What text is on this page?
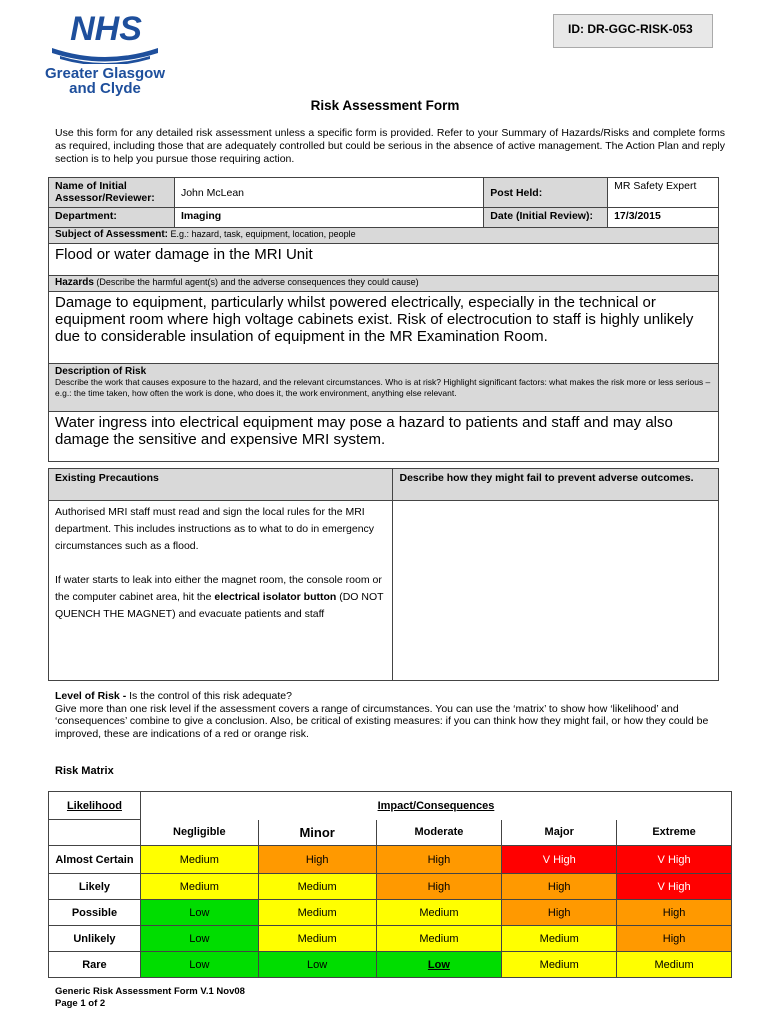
NHS
Greater Glasgow
and Clyde
ID: DR-GGC-RISK-053
Risk Assessment Form
Use this form for any detailed risk assessment unless a specific form is provided. Refer to your Summary of Hazards/Risks and complete forms as required, including those that are adequately controlled but could be serious in the absence of active management. The Action Plan and reply section is to help you pursue those requiring action.
Name of Initial Assessor/Reviewer:	John McLean	Post Held:	MR Safety Expert
Department:	Imaging	Date (Initial Review):	17/3/2015
Subject of Assessment: E.g.: hazard, task, equipment, location, people			
Flood or water damage in the MRI Unit			
Hazards (Describe the harmful agent(s) and the adverse consequences they could cause)			
Damage to equipment, particularly whilst powered electrically, especially in the technical or equipment room where high voltage cabinets exist. Risk of electrocution to staff is highly unlikely due to considerable insulation of equipment in the MR Examination Room.			

Description of Risk
Describe the work that causes exposure to the hazard, and the relevant circumstances. Who is at risk? Highlight significant factors: what makes the risk more or less serious – e.g.: the time taken, how often the work is done, who does it, the work environment, anything else relevant.			

Water ingress into electrical equipment may pose a hazard to patients and staff and may also damage the sensitive and expensive MRI system.			
Existing Precautions	Describe how they might fail to prevent adverse outcomes.

Authorised MRI staff must read and sign the local rules for the MRI department. This includes instructions as to what to do in emergency circumstances such as a flood.
If water starts to leak into either the magnet room, the console room or the computer cabinet area, hit the electrical isolator button (DO NOT QUENCH THE MAGNET) and evacuate patients and staff	

Level of Risk - Is the control of this risk adequate?
Give more than one risk level if the assessment covers a range of circumstances. You can use the ‘matrix’ to show how ‘likelihood’ and ‘consequences’ combine to give a conclusion. Also, be critical of existing measures: if you can think how they might fail, or how they could be improved, these are indications of a red or orange risk.
Risk Matrix
Likelihood	Impact/Consequences				
	Negligible	Minor	Moderate	Major	Extreme
Almost Certain	Medium	High	High	V High	V High
Likely	Medium	Medium	High	High	V High
Possible	Low	Medium	Medium	High	High
Unlikely	Low	Medium	Medium	Medium	High
Rare	Low	Low	Low	Medium	Medium
Generic Risk Assessment Form V.1 Nov08
Page 1 of 2
